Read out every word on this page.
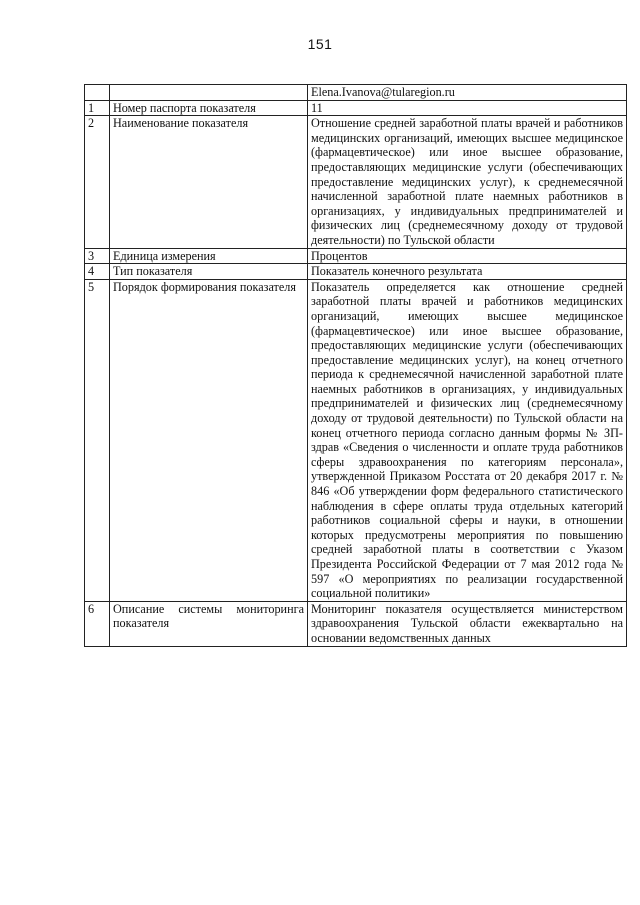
151
		Elena.Ivanova@tularegion.ru
1	Номер паспорта показателя	11
2	Наименование показателя	Отношение средней заработной платы врачей и работников медицинских организаций, имеющих высшее медицинское (фармацевтическое) или иное высшее образование, предоставляющих медицинские услуги (обеспечивающих предоставление медицинских услуг), к среднемесячной начисленной заработной плате наемных работников в организациях, у индивидуальных предпринимателей и физических лиц (среднемесячному доходу от трудовой деятельности) по Тульской области
3	Единица измерения	Процентов
4	Тип показателя	Показатель конечного результата
5	Порядок формирования показателя	Показатель определяется как отношение средней заработной платы врачей и работников медицинских организаций, имеющих высшее медицинское (фармацевтическое) или иное высшее образование, предоставляющих медицинские услуги (обеспечивающих предоставление медицинских услуг), на конец отчетного периода к среднемесячной начисленной заработной плате наемных работников в организациях, у индивидуальных предпринимателей и физических лиц (среднемесячному доходу от трудовой деятельности) по Тульской области на конец отчетного периода согласно данным формы № ЗП-здрав «Сведения о численности и оплате труда работников сферы здравоохранения по категориям персонала», утвержденной Приказом Росстата от 20 декабря 2017 г. № 846 «Об утверждении форм федерального статистического наблюдения в сфере оплаты труда отдельных категорий работников социальной сферы и науки, в отношении которых предусмотрены мероприятия по повышению средней заработной платы в соответствии с Указом Президента Российской Федерации от 7 мая 2012 года № 597 «О мероприятиях по реализации государственной социальной политики»
6	Описание системы мониторинга показателя	Мониторинг показателя осуществляется министерством здравоохранения Тульской области ежеквартально на основании ведомственных данных
